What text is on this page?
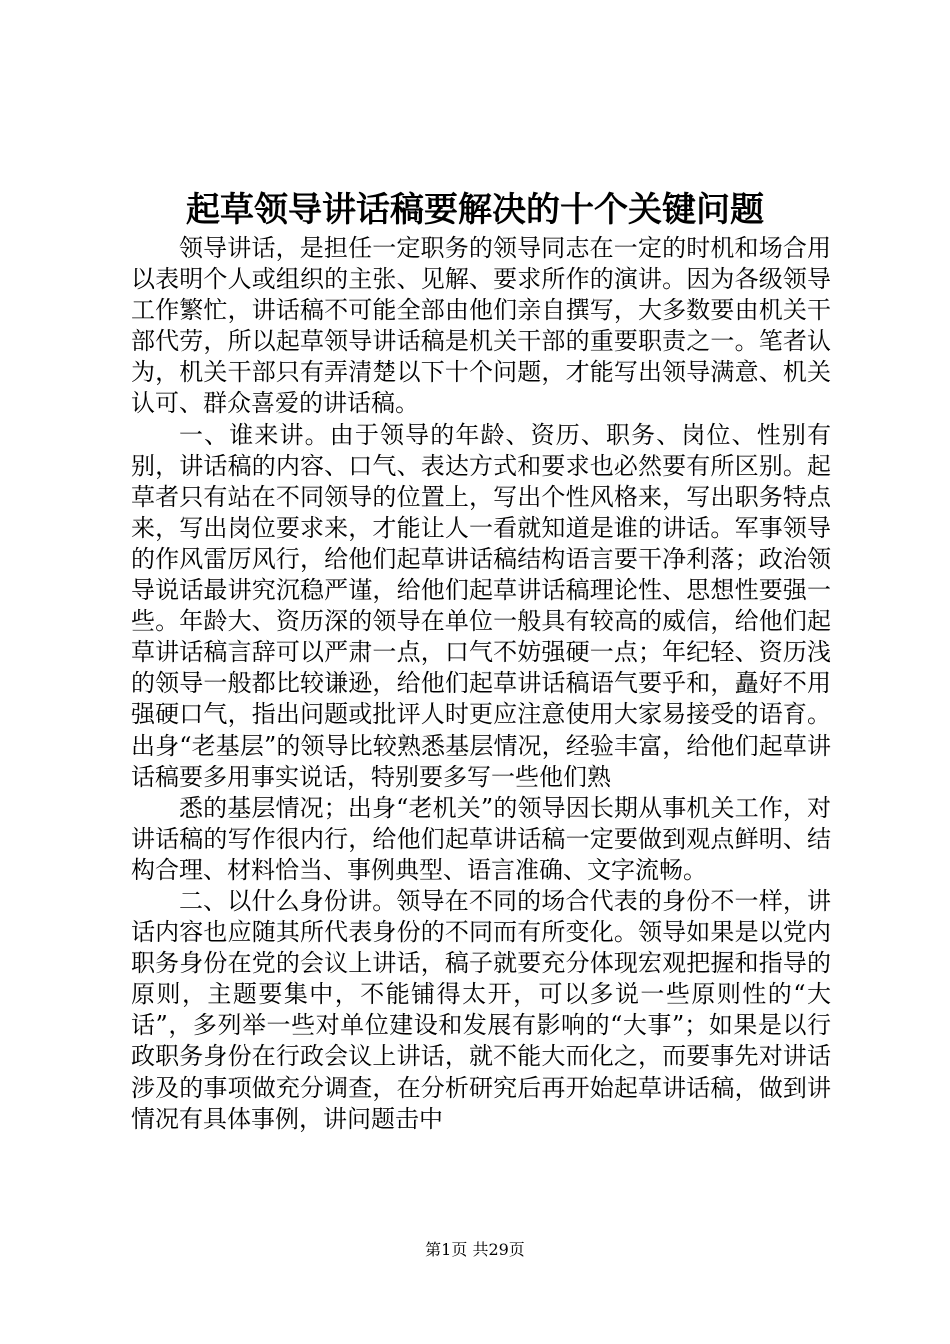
起草领导讲话稿要解决的十个关键问题

领导讲话，是担任一定职务的领导同志在一定的时机和场合用以表明个人或组织的主张、见解、要求所作的演讲。因为各级领导工作繁忙，讲话稿不可能全部由他们亲自撰写，大多数要由机关干部代劳，所以起草领导讲话稿是机关干部的重要职责之一。笔者认为，机关干部只有弄清楚以下十个问题，才能写出领导满意、机关认可、群众喜爱的讲话稿。

一、谁来讲。由于领导的年龄、资历、职务、岗位、性别有别，讲话稿的内容、口气、表达方式和要求也必然要有所区别。起草者只有站在不同领导的位置上，写出个性风格来，写出职务特点来，写出岗位要求来，才能让人一看就知道是谁的讲话。军事领导的作风雷厉风行，给他们起草讲话稿结构语言要干净利落；政治领导说话最讲究沉稳严谨，给他们起草讲话稿理论性、思想性要强一些。年龄大、资历深的领导在单位一般具有较高的威信，给他们起草讲话稿言辞可以严肃一点，口气不妨强硬一点；年纪轻、资历浅的领导一般都比较谦逊，给他们起草讲话稿语气要乎和，矗好不用强硬口气，指出问题或批评人时更应注意使用大家易接受的语育。出身“老基层”的领导比较熟悉基层情况，经验丰富，给他们起草讲话稿要多用事实说话，特别要多写一些他们熟

悉的基层情况；出身“老机关”的领导因长期从事机关工作，对讲话稿的写作很内行，给他们起草讲话稿一定要做到观点鲜明、结构合理、材料恰当、事例典型、语言准确、文字流畅。

二、以什么身份讲。领导在不同的场合代表的身份不一样，讲话内容也应随其所代表身份的不同而有所变化。领导如果是以党内职务身份在党的会议上讲话，稿子就要充分体现宏观把握和指导的原则，主题要集中，不能铺得太开，可以多说一些原则性的“大话”，多列举一些对单位建设和发展有影响的“大事”；如果是以行政职务身份在行政会议上讲话，就不能大而化之，而要事先对讲话涉及的事项做充分调查，在分析研究后再开始起草讲话稿，做到讲情况有具体事例，讲问题击中

第1页 共29页
